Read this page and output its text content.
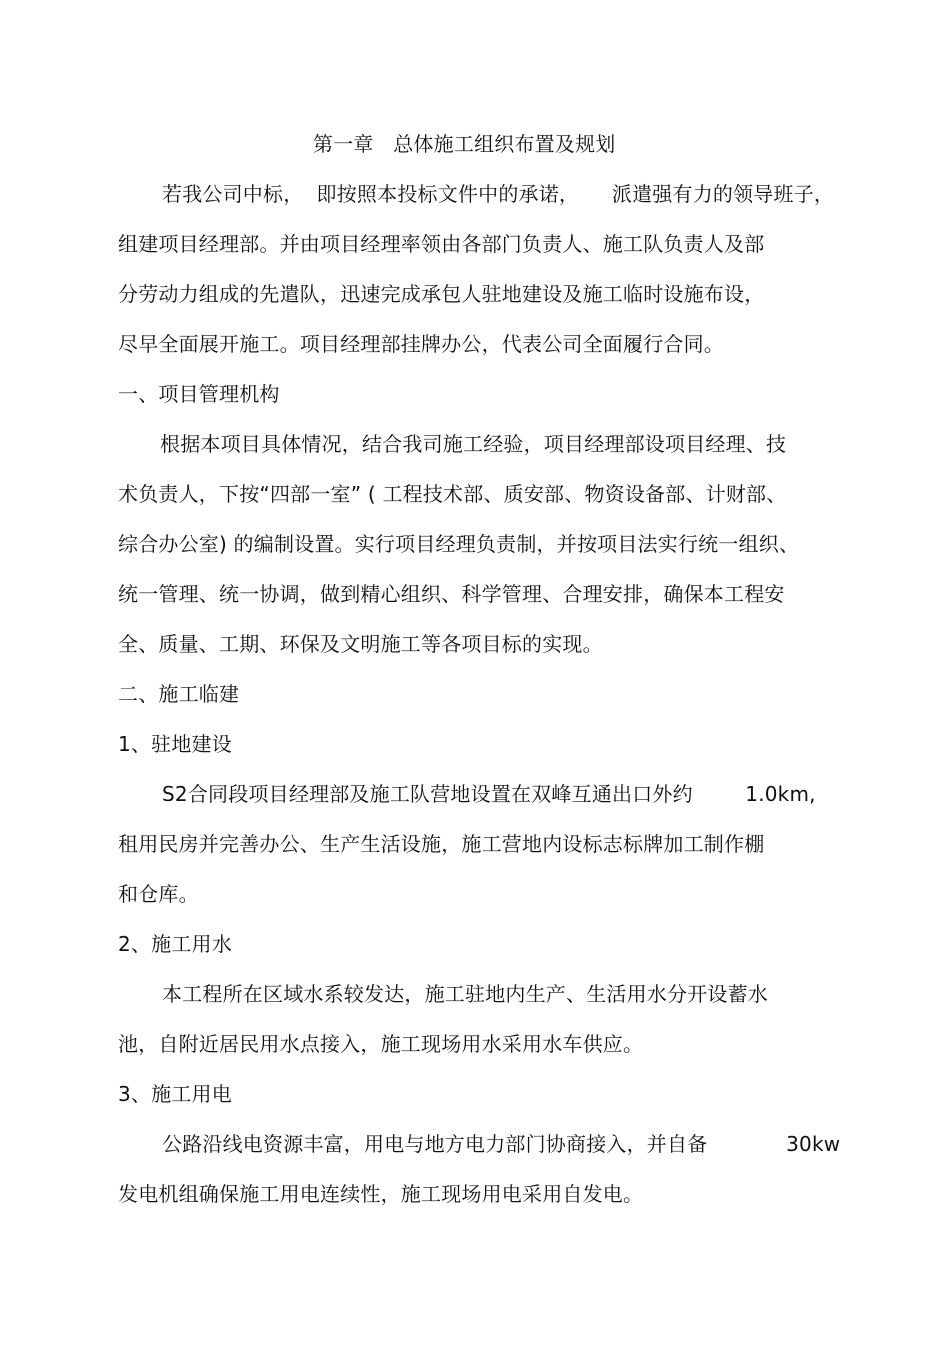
第一章   总体施工组织布置及规划
若我公司中标，  即按照本投标文件中的承诺，     派遣强有力的领导班子，
组建项目经理部。并由项目经理率领由各部门负责人、施工队负责人及部
分劳动力组成的先遣队，迅速完成承包人驻地建设及施工临时设施布设，
尽早全面展开施工。项目经理部挂牌办公，代表公司全面履行合同。
一、项目管理机构
根据本项目具体情况，结合我司施工经验，项目经理部设项目经理、技
术负责人，下按“四部一室” ( 工程技术部、质安部、物资设备部、计财部、
综合办公室) 的编制设置。实行项目经理负责制，并按项目法实行统一组织、
统一管理、统一协调，做到精心组织、科学管理、合理安排，确保本工程安
全、质量、工期、环保及文明施工等各项目标的实现。
二、施工临建
1、驻地建设
S2合同段项目经理部及施工队营地设置在双峰互通出口外约        1.0km,
租用民房并完善办公、生产生活设施，施工营地内设标志标牌加工制作棚
和仓库。
2、施工用水
本工程所在区域水系较发达，施工驻地内生产、生活用水分开设蓄水
池，自附近居民用水点接入，施工现场用水采用水车供应。
3、施工用电
公路沿线电资源丰富，用电与地方电力部门协商接入，并自备            30kw
发电机组确保施工用电连续性，施工现场用电采用自发电。
